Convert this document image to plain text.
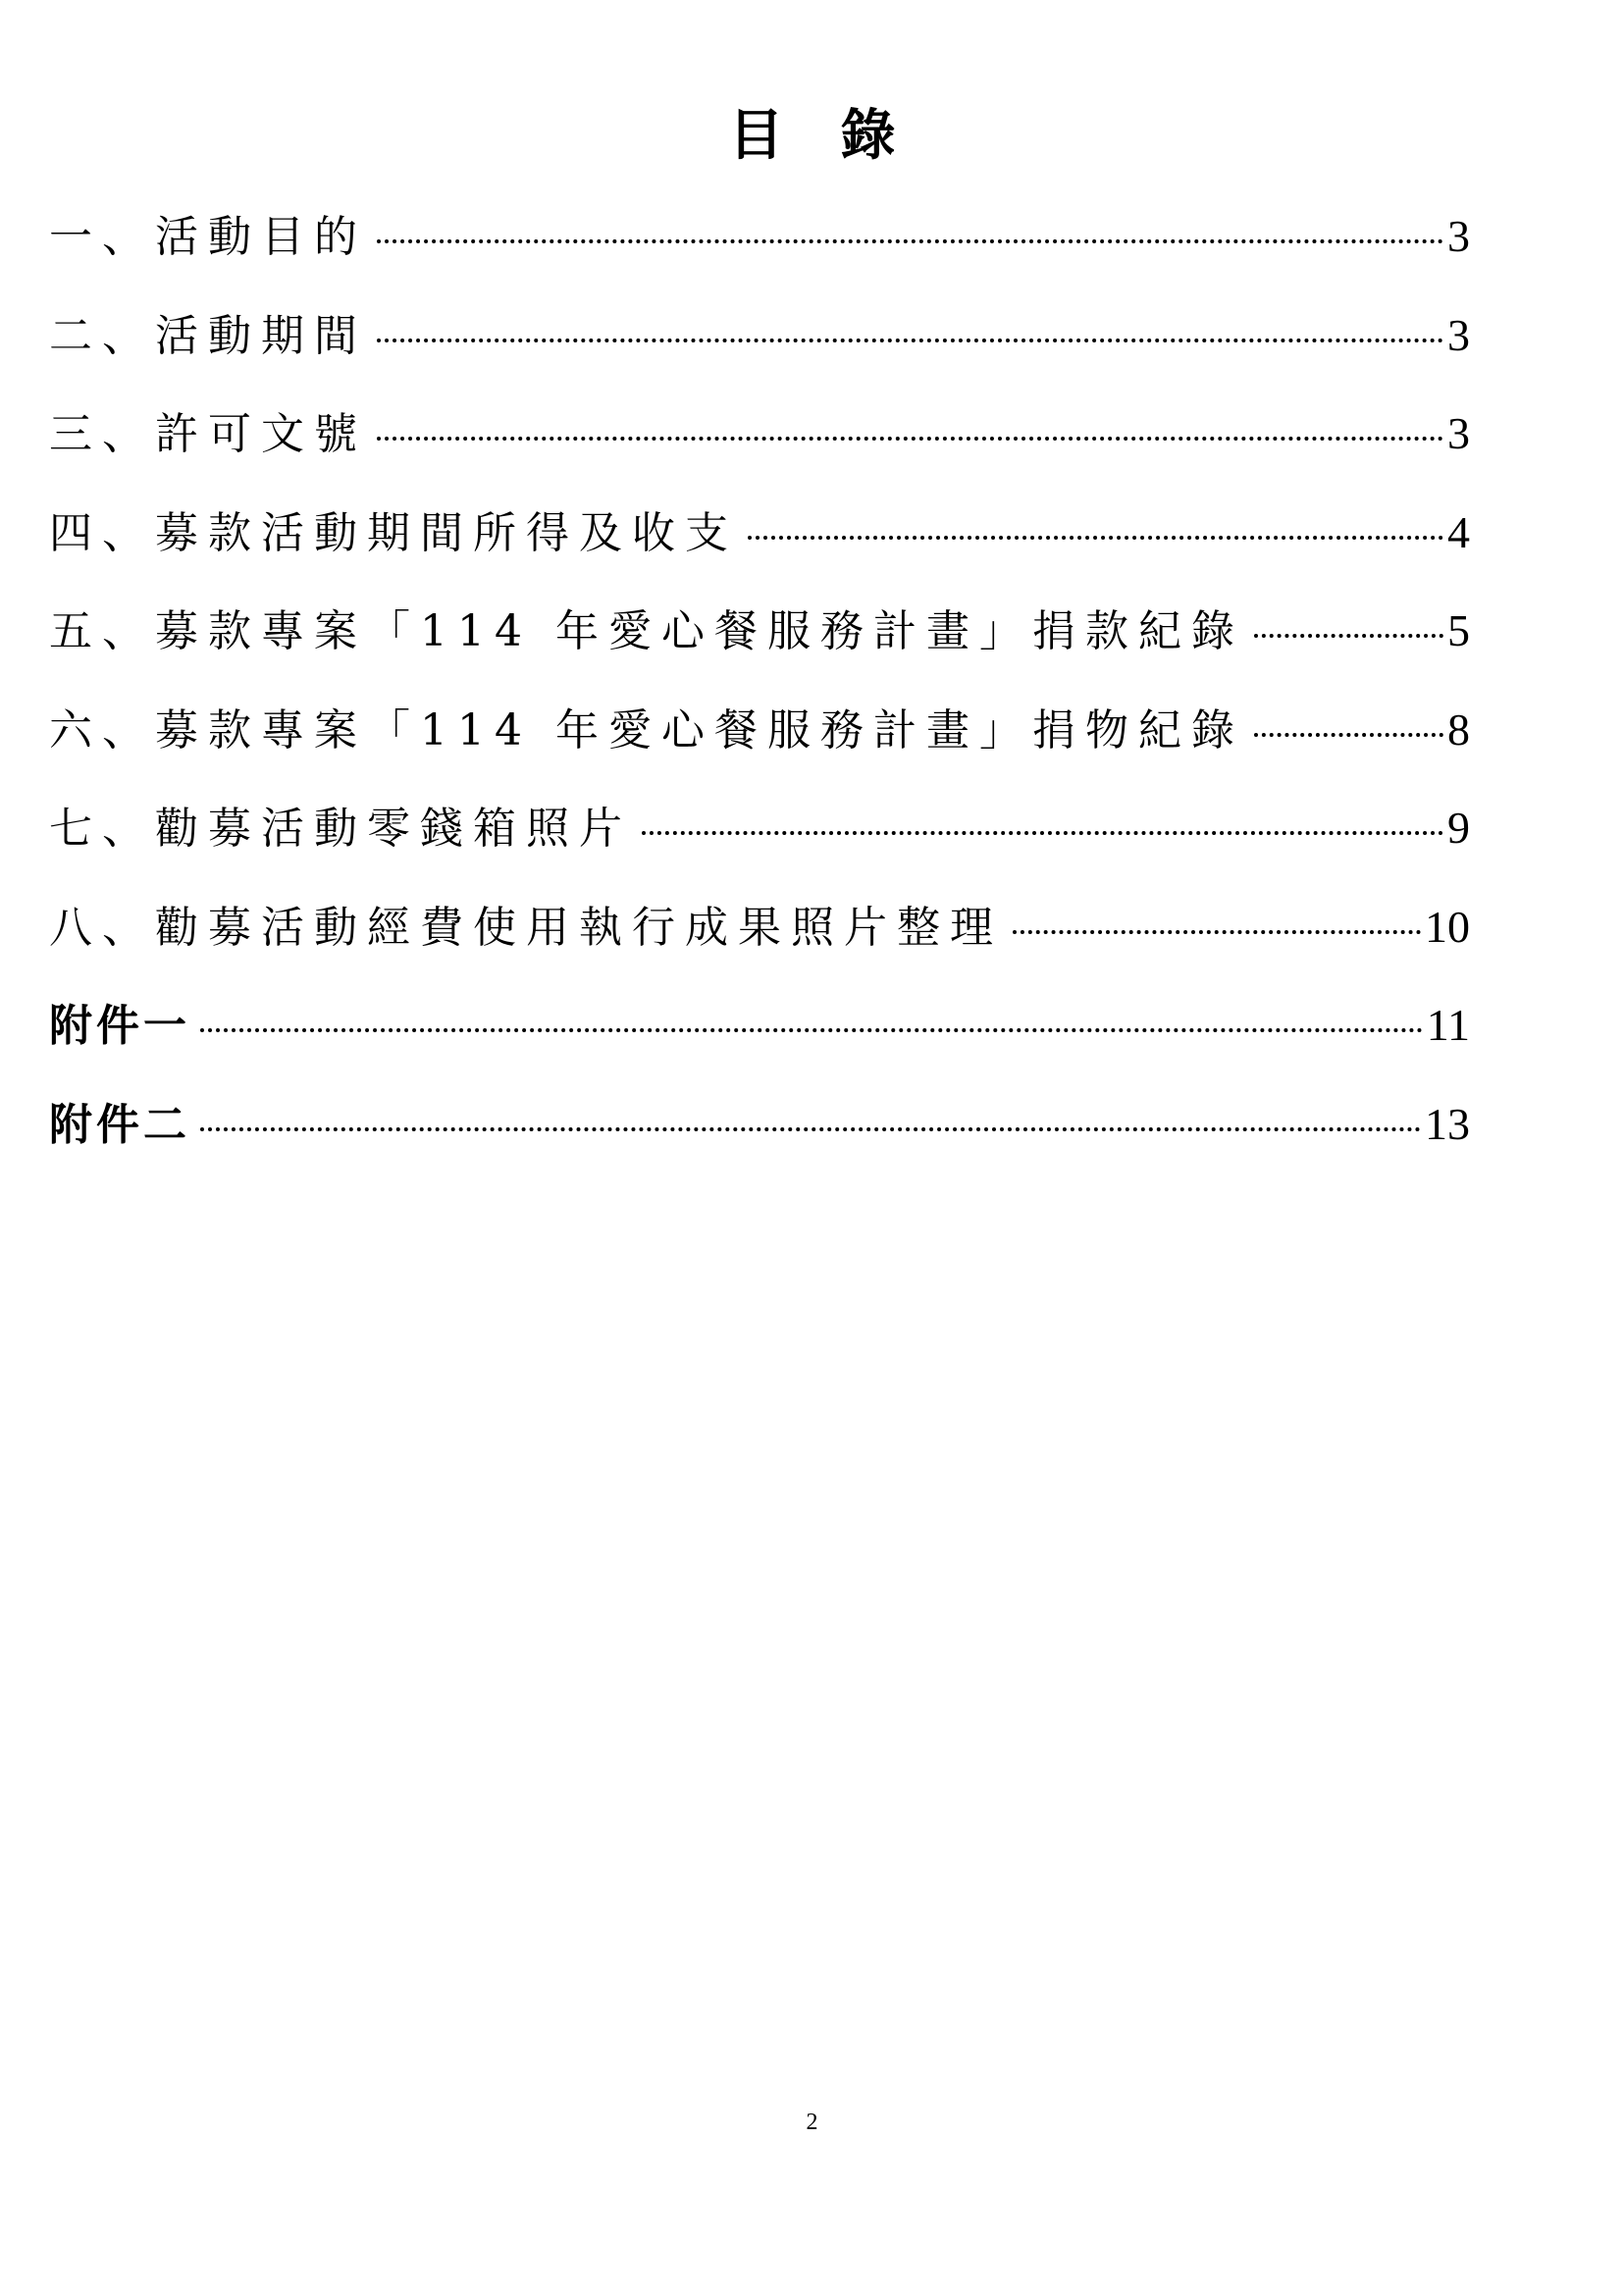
目錄
一、活動目的	3
二、活動期間	3
三、許可文號	3
四、募款活動期間所得及收支	4
五、募款專案「114 年愛心餐服務計畫」捐款紀錄	5
六、募款專案「114 年愛心餐服務計畫」捐物紀錄	8
七、勸募活動零錢箱照片	9
八、勸募活動經費使用執行成果照片整理	10
附件一	11
附件二	13
2
